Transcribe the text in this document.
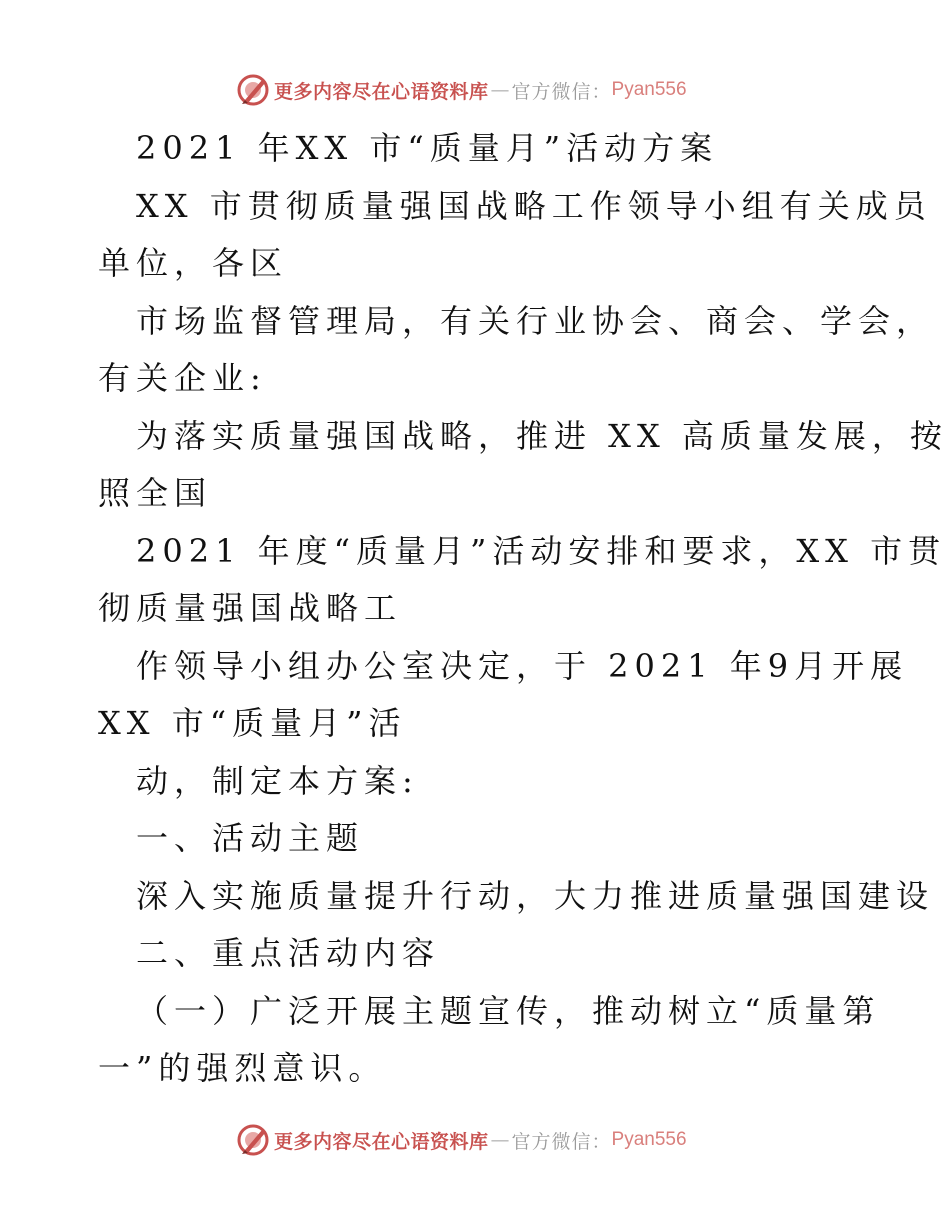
更多内容尽在心语资料库 — 官方微信： Pyan556
2021 年XX 市“质量月”活动方案
XX 市贯彻质量强国战略工作领导小组有关成员
单位，各区
市场监督管理局，有关行业协会、商会、学会，
有关企业:
为落实质量强国战略，推进 XX 高质量发展，按
照全国
2021 年度“质量月”活动安排和要求，XX 市贯
彻质量强国战略工
作领导小组办公室决定，于 2021 年9月开展
XX 市“质量月”活
动，制定本方案:
一、活动主题
深入实施质量提升行动，大力推进质量强国建设
二、重点活动内容
（一）广泛开展主题宣传，推动树立“质量第
一”的强烈意识。
更多内容尽在心语资料库 — 官方微信： Pyan556
